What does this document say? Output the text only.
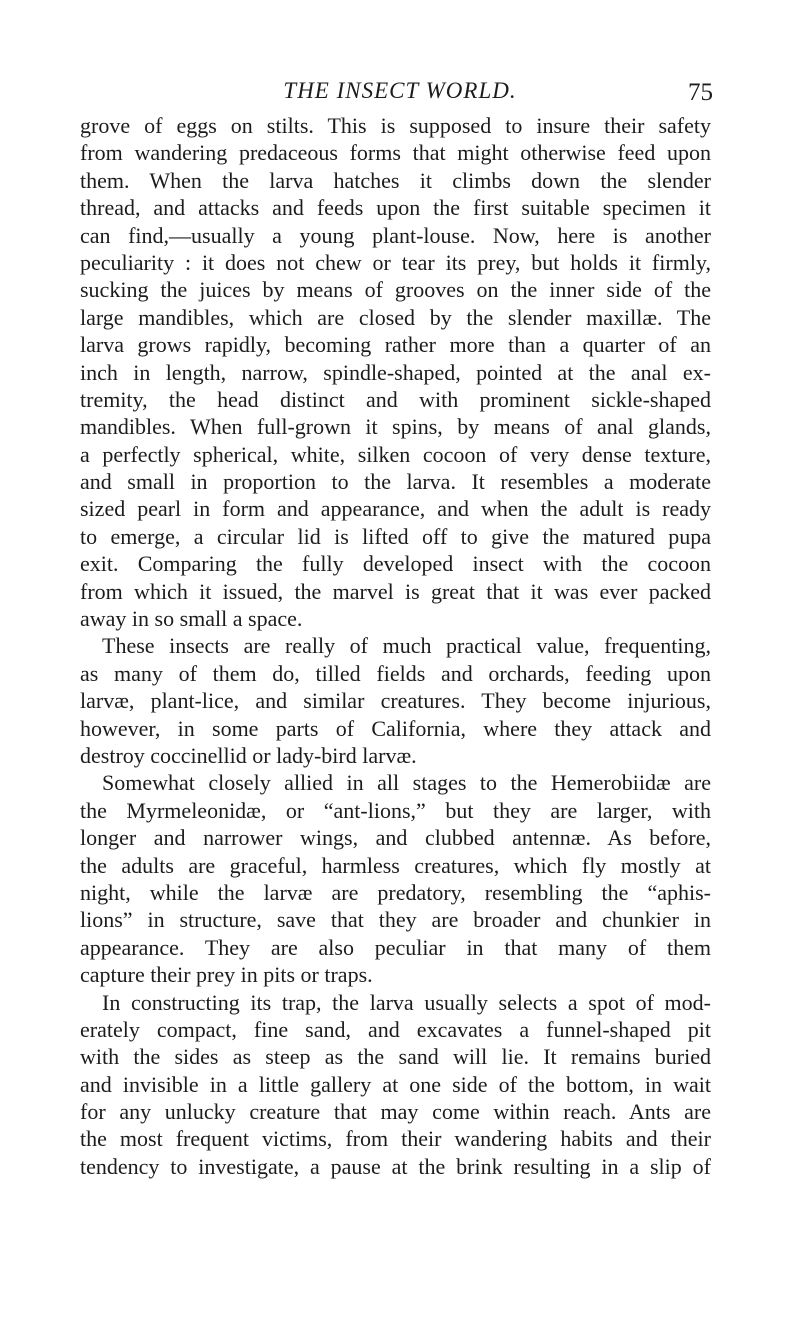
THE INSECT WORLD.	75
grove of eggs on stilts. This is supposed to insure their safety
from wandering predaceous forms that might otherwise feed upon
them. When the larva hatches it climbs down the slender
thread, and attacks and feeds upon the first suitable specimen it
can find,—usually a young plant-louse. Now, here is another
peculiarity : it does not chew or tear its prey, but holds it firmly,
sucking the juices by means of grooves on the inner side of the
large mandibles, which are closed by the slender maxillæ. The
larva grows rapidly, becoming rather more than a quarter of an
inch in length, narrow, spindle-shaped, pointed at the anal ex-
tremity, the head distinct and with prominent sickle-shaped
mandibles. When full-grown it spins, by means of anal glands,
a perfectly spherical, white, silken cocoon of very dense texture,
and small in proportion to the larva. It resembles a moderate
sized pearl in form and appearance, and when the adult is ready
to emerge, a circular lid is lifted off to give the matured pupa
exit. Comparing the fully developed insect with the cocoon
from which it issued, the marvel is great that it was ever packed
away in so small a space.
These insects are really of much practical value, frequenting,
as many of them do, tilled fields and orchards, feeding upon
larvæ, plant-lice, and similar creatures. They become injurious,
however, in some parts of California, where they attack and
destroy coccinellid or lady-bird larvæ.
Somewhat closely allied in all stages to the Hemerobiidæ are
the Myrmeleonidæ, or “ant-lions,” but they are larger, with
longer and narrower wings, and clubbed antennæ. As before,
the adults are graceful, harmless creatures, which fly mostly at
night, while the larvæ are predatory, resembling the “aphis-
lions” in structure, save that they are broader and chunkier in
appearance. They are also peculiar in that many of them
capture their prey in pits or traps.
In constructing its trap, the larva usually selects a spot of mod-
erately compact, fine sand, and excavates a funnel-shaped pit
with the sides as steep as the sand will lie. It remains buried
and invisible in a little gallery at one side of the bottom, in wait
for any unlucky creature that may come within reach. Ants are
the most frequent victims, from their wandering habits and their
tendency to investigate, a pause at the brink resulting in a slip of
